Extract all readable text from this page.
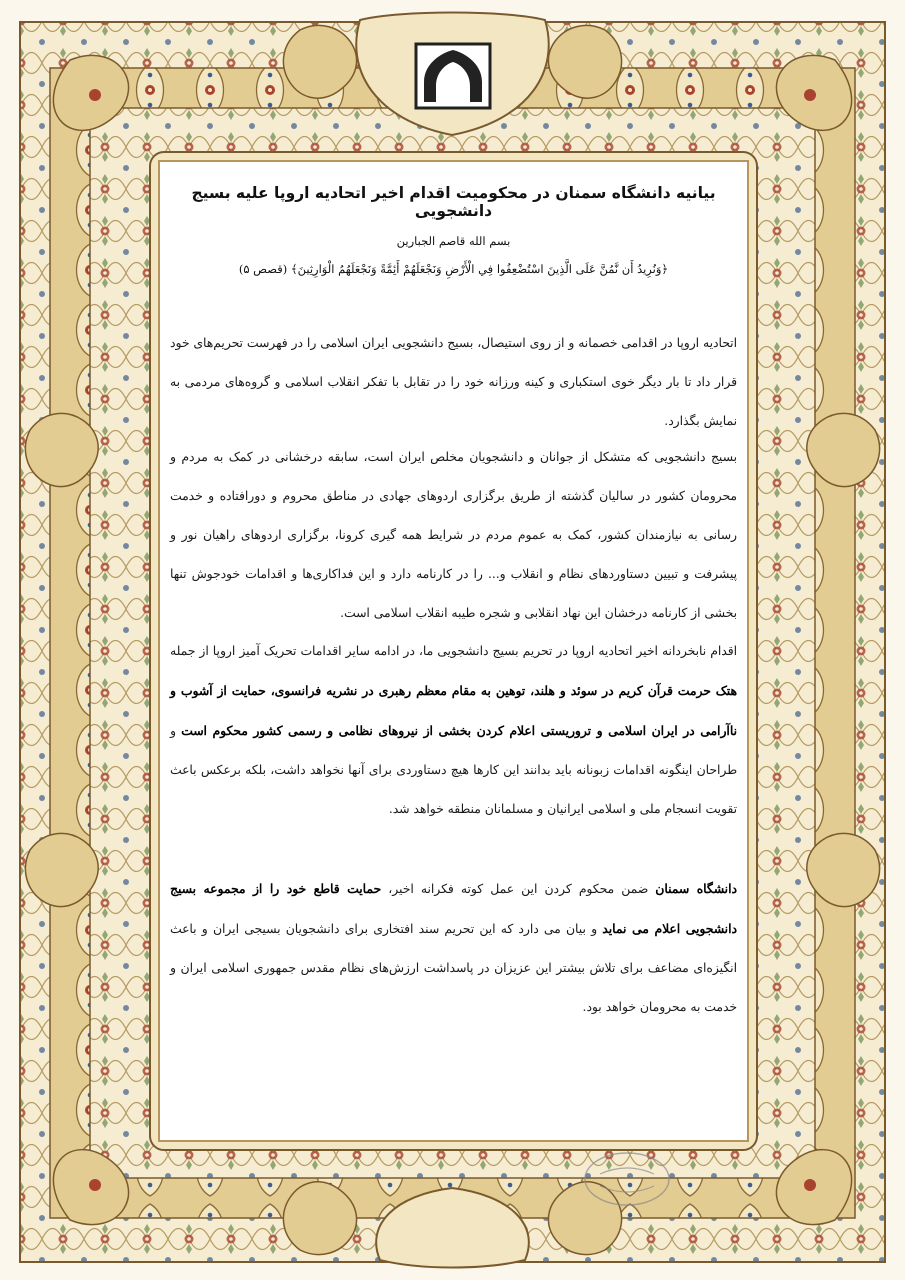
بیانیه دانشگاه سمنان در محکومیت اقدام اخیر اتحادیه اروپا علیه بسیج دانشجویی
بسم الله قاصم الجبارين
﴿وَنُرِيدُ أَن نَّمُنَّ عَلَى الَّذِينَ اسْتُضْعِفُوا فِي الْأَرْضِ وَنَجْعَلَهُمْ أَئِمَّةً وَنَجْعَلَهُمُ الْوَارِثِينَ﴾ (قصص ۵)
اتحادیه اروپا در اقدامی خصمانه و از روی استیصال، بسیج دانشجویی ایران اسلامی را در فهرست تحریم‌های خود قرار داد تا بار دیگر خوی استکباری و کینه ورزانه خود را در تقابل با تفکر انقلاب اسلامی و گروه‌های مردمی به نمایش بگذارد.
بسیج دانشجویی که متشکل از جوانان و دانشجویان مخلص ایران است، سابقه درخشانی در کمک به مردم و محرومان کشور در سالیان گذشته از طریق برگزاری اردوهای جهادی در مناطق محروم و دورافتاده و خدمت رسانی به نیازمندان کشور، کمک به عموم مردم در شرایط همه گیری کرونا، برگزاری اردوهای راهیان نور و پیشرفت و تبیین دستاوردهای نظام و انقلاب و... را در کارنامه دارد و این فداکاری‌ها و اقدامات خودجوش تنها بخشی از کارنامه درخشان این نهاد انقلابی و شجره طیبه انقلاب اسلامی است.
اقدام نابخردانه اخیر اتحادیه اروپا در تحریم بسیج دانشجویی ما، در ادامه سایر اقدامات تحریک آمیز اروپا از جمله هتک حرمت قرآن کریم در سوئد و هلند، توهین به مقام معظم رهبری در نشریه فرانسوی، حمایت از آشوب و ناآرامی در ایران اسلامی و تروریستی اعلام کردن بخشی از نیروهای نظامی و رسمی کشور محکوم است و طراحان اینگونه اقدامات زبونانه باید بدانند این کارها هیچ دستاوردی برای آنها نخواهد داشت، بلکه برعکس باعث تقویت انسجام ملی و اسلامی ایرانیان و مسلمانان منطقه خواهد شد.
دانشگاه سمنان ضمن محکوم کردن این عمل کوته فکرانه اخیر، حمایت قاطع خود را از مجموعه بسیج دانشجویی اعلام می نماید و بیان می دارد که این تحریم سند افتخاری برای دانشجویان بسیجی ایران و باعث انگیزه‌ای مضاعف برای تلاش بیشتر این عزیزان در پاسداشت ارزش‌های نظام مقدس جمهوری اسلامی ایران و خدمت به محرومان خواهد بود.
